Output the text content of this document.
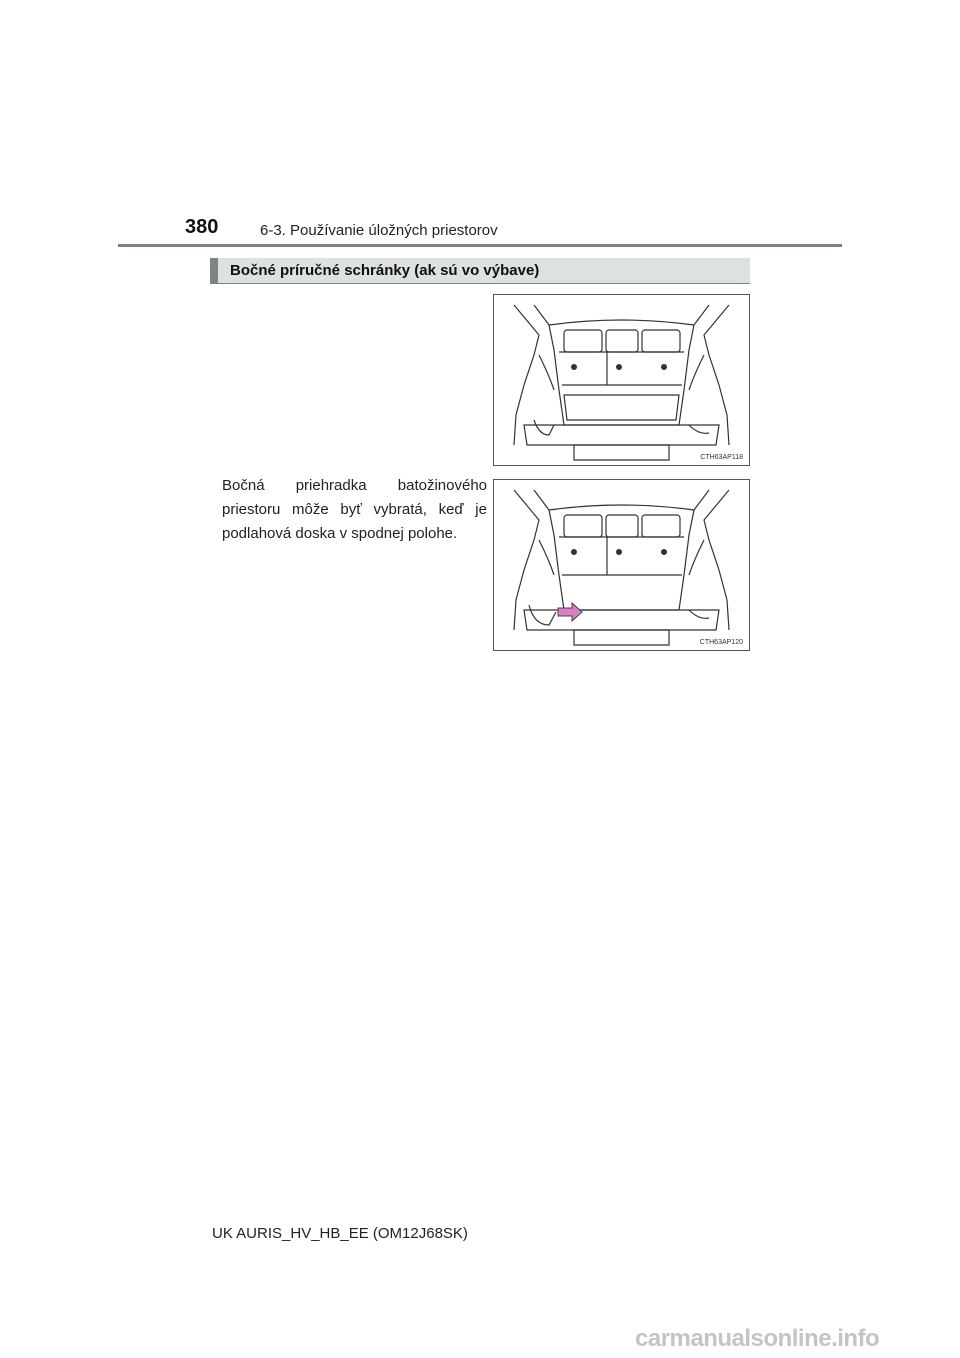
380	6-3. Používanie úložných priestorov
Bočné príručné schránky (ak sú vo výbave)
Bočná priehradka batožinového priestoru môže byť vybratá, keď je podlahová doska v spodnej polohe.
CTH63AP118
CTH63AP120
UK AURIS_HV_HB_EE (OM12J68SK)
carmanualsonline.info
